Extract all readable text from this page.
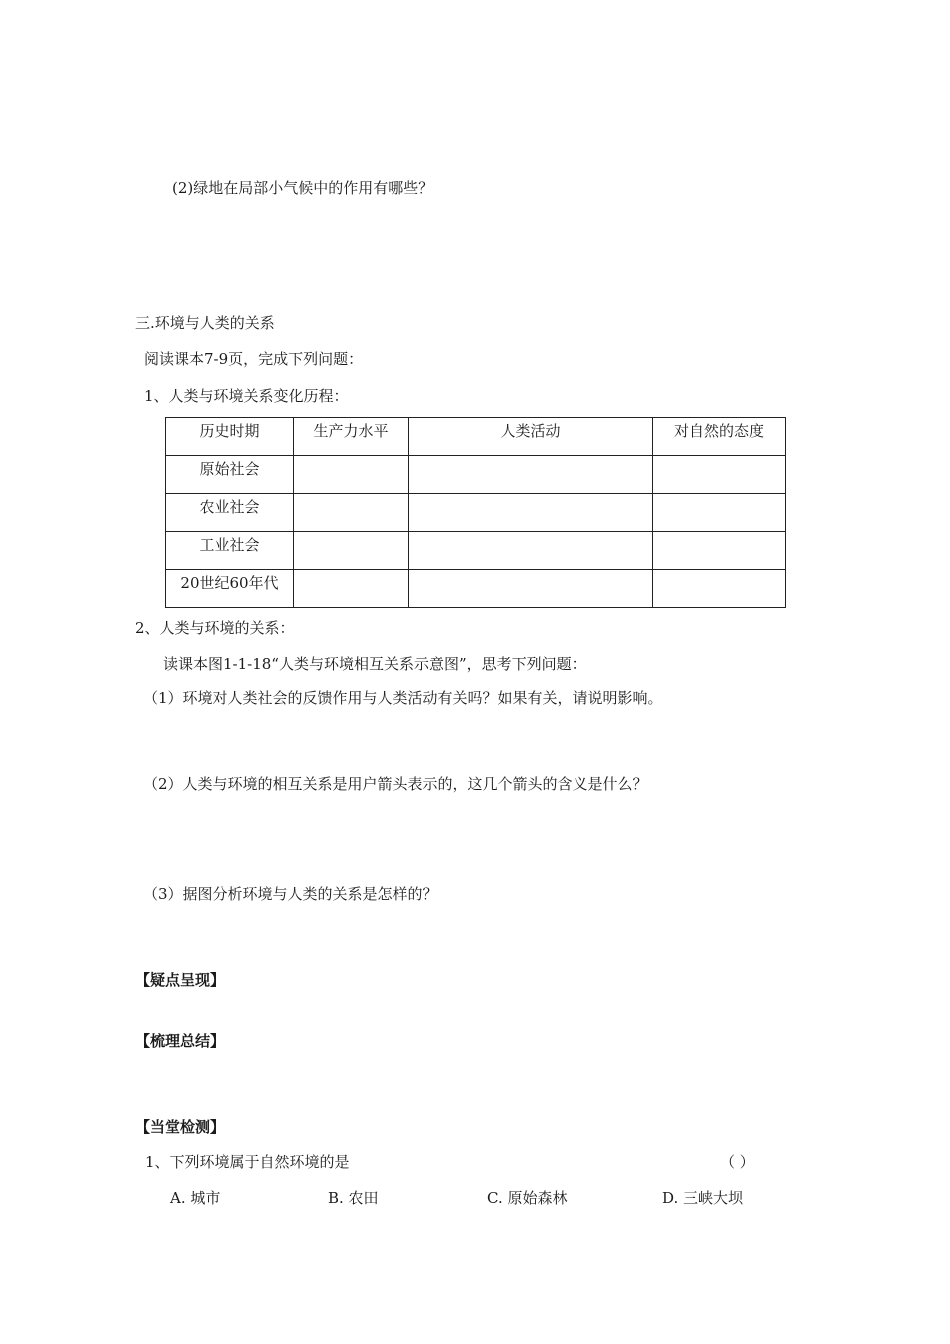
(2)绿地在局部小气候中的作用有哪些？
三.环境与人类的关系
阅读课本7-9页，完成下列问题：
1、人类与环境关系变化历程：
历史时期	生产力水平	人类活动	对自然的态度
原始社会			
农业社会			
工业社会			
20世纪60年代			
2、人类与环境的关系：
读课本图1-1-18“人类与环境相互关系示意图”，思考下列问题：
（1）环境对人类社会的反馈作用与人类活动有关吗？如果有关，请说明影响。
（2）人类与环境的相互关系是用户箭头表示的，这几个箭头的含义是什么？
（3）据图分析环境与人类的关系是怎样的？
【疑点呈现】
【梳理总结】
【当堂检测】
1、下列环境属于自然环境的是	（ ）
A. 城市	B. 农田	C. 原始森林	D. 三峡大坝
